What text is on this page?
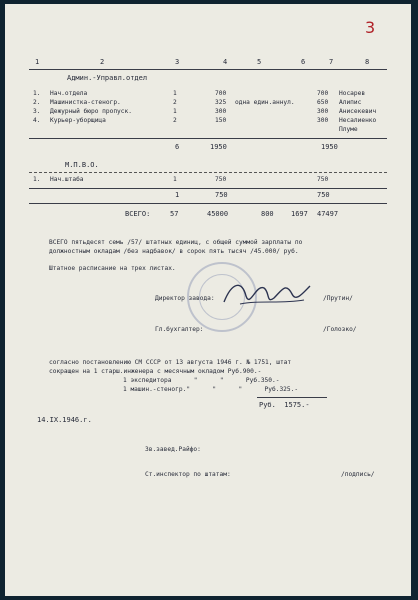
3
1	2	3	4	5	6	7	8
Админ.-Управл.отдел
1. Нач.отдела	1	700	700 Носарев
2. Машинистка-стеногр.	2	325 одна един.аннул.	650 Алипис
3. Дежурный бюро пропуск.	1	300	300 Анисекевич
4. Курьер-уборщица	2	150	300 Несалиенко
Плуме
6	1950	1950
М.П.В.О.
1. Нач.штаба	1	750	750
1	750	750
ВСЕГО:	57	45000	800 1697 47497
ВСЕГО пятьдесят семь /57/ штатных единиц, с общей суммой зарплаты по
должностным окладам /без надбавок/ в сорок пять тысяч /45.000/ руб.
Штатное расписание на трех листах.
Директор завода:	/Прутин/
Гл.бухгалтер:	/Голозко/
согласно постановлению СМ СССР от 13 августа 1946 г. № 1751, штат
сокращен на 1 старш.инженера с месячным окладом Руб.900.-
1 экспедитора      "      "      Руб.350.-
1 машин.-стеногр."      "      "      Руб.325.-
Руб.  1575.-
14.IX.1946.г.
Зв.завед.Райфо:
Ст.инспектор по штатам:	/подпись/
